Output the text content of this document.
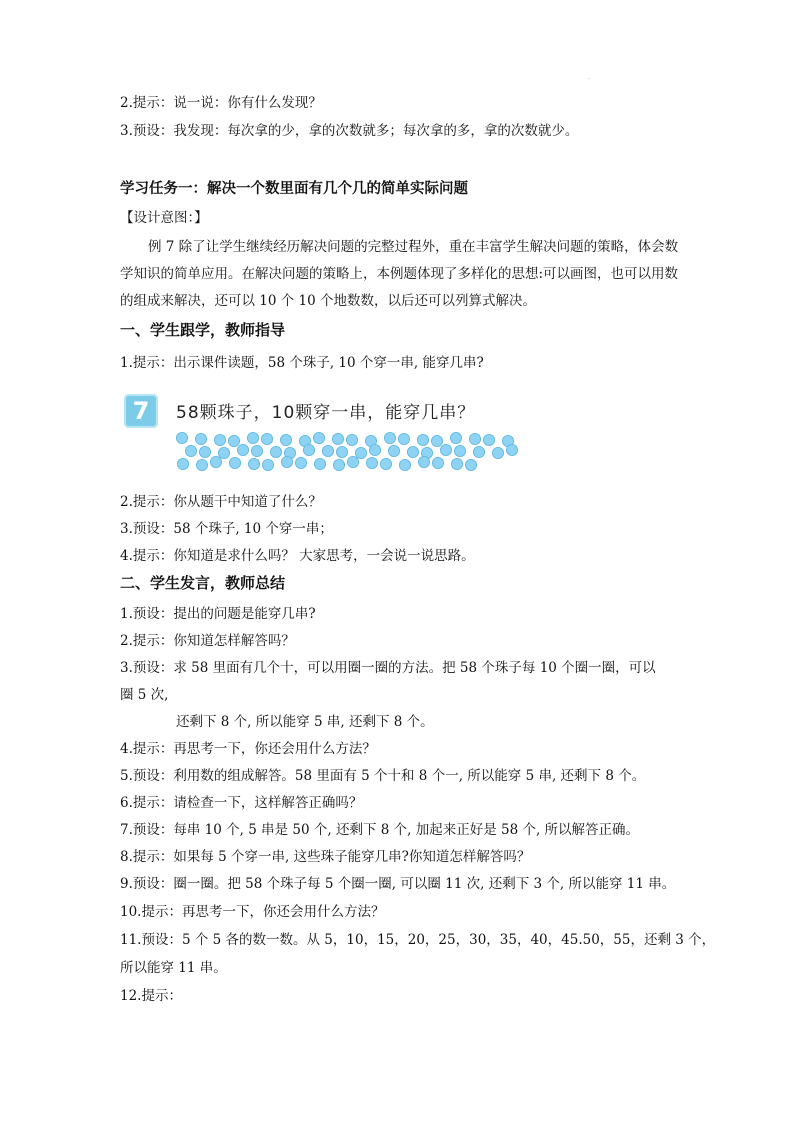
.
2.提示：说一说：你有什么发现？
3.预设：我发现：每次拿的少，拿的次数就多；每次拿的多，拿的次数就少。
学习任务一：解决一个数里面有几个几的简单实际问题
【设计意图：】
例 7 除了让学生继续经历解决问题的完整过程外，重在丰富学生解决问题的策略，体会数学知识的简单应用。在解决问题的策略上，本例题体现了多样化的思想:可以画图，也可以用数的组成来解决，还可以 10 个 10 个地数数，以后还可以列算式解决。
一、学生跟学，教师指导
1.提示：出示课件读题，58 个珠子, 10 个穿一串, 能穿几串?
7	58颗珠子，10颗穿一串，能穿几串？
2.提示：你从题干中知道了什么？
3.预设：58 个珠子, 10 个穿一串；
4.提示：你知道是求什么吗？ 大家思考，一会说一说思路。
二、学生发言，教师总结
1.预设：提出的问题是能穿几串?
2.提示：你知道怎样解答吗？
3.预设：求 58 里面有几个十，可以用圈一圈的方法。把 58 个珠子每 10 个圈一圈，可以
圈 5 次,
还剩下 8 个, 所以能穿 5 串, 还剩下 8 个。
4.提示：再思考一下，你还会用什么方法？
5.预设：利用数的组成解答。58 里面有 5 个十和 8 个一, 所以能穿 5 串, 还剩下 8 个。
6.提示：请检查一下，这样解答正确吗？
7.预设：每串 10 个, 5 串是 50 个, 还剩下 8 个, 加起来正好是 58 个, 所以解答正确。
8.提示：如果每 5 个穿一串, 这些珠子能穿几串?你知道怎样解答吗？
9.预设：圈一圈。把 58 个珠子每 5 个圈一圈, 可以圈 11 次, 还剩下 3 个, 所以能穿 11 串。
10.提示：再思考一下，你还会用什么方法？
11.预设：5 个 5 各的数一数。从 5，10，15，20，25，30，35，40，45.50，55，还剩 3 个，
所以能穿 11 串。
12.提示：
